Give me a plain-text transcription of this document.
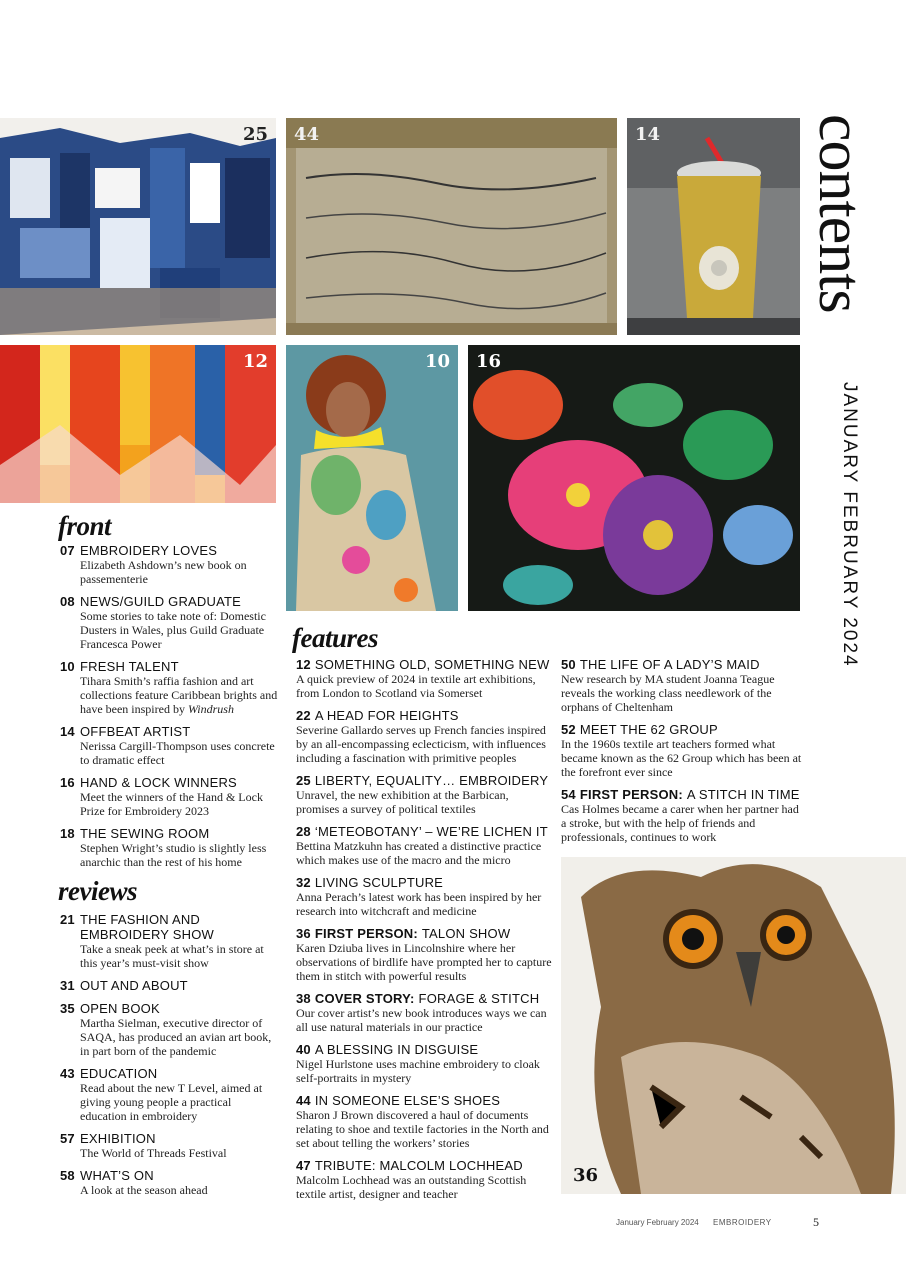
25 44	14
12	10 16
36
contents
JANUARY FEBRUARY 2024
front
07 EMBROIDERY LOVES
Elizabeth Ashdown’s new book on passementerie
08 NEWS/GUILD GRADUATE
Some stories to take note of: Domestic Dusters in Wales, plus Guild Graduate Francesca Power
10 FRESH TALENT
Tihara Smith’s raffia fashion and art collections feature Caribbean brights and have been inspired by Windrush
14 OFFBEAT ARTIST
Nerissa Cargill-Thompson uses concrete to dramatic effect
16 HAND & LOCK WINNERS
Meet the winners of the Hand & Lock Prize for Embroidery 2023
18 THE SEWING ROOM
Stephen Wright’s studio is slightly less anarchic than the rest of his home
reviews
21 THE FASHION AND
EMBROIDERY SHOW
Take a sneak peek at what’s in store at this year’s must-visit show
31 OUT AND ABOUT
35 OPEN BOOK
Martha Sielman, executive director of SAQA, has produced an avian art book, in part born of the pandemic
43 EDUCATION
Read about the new T Level, aimed at giving young people a practical education in embroidery
57 EXHIBITION
The World of Threads Festival
58 WHAT’S ON
A look at the season ahead
features
12 SOMETHING OLD, SOMETHING NEW
A quick preview of 2024 in textile art exhibitions, from London to Scotland via Somerset
22 A HEAD FOR HEIGHTS
Severine Gallardo serves up French fancies inspired by an all-encompassing eclecticism, with influences including a fascination with primitive peoples
25 LIBERTY, EQUALITY… EMBROIDERY
Unravel, the new exhibition at the Barbican, promises a survey of political textiles
28 ‘METEOBOTANY’ – WE’RE LICHEN IT
Bettina Matzkuhn has created a distinctive practice which makes use of the macro and the micro
32 LIVING SCULPTURE
Anna Perach’s latest work has been inspired by her research into witchcraft and medicine
36 FIRST PERSON: TALON SHOW
Karen Dziuba lives in Lincolnshire where her observations of birdlife have prompted her to capture them in stitch with powerful results
38 COVER STORY: FORAGE & STITCH
Our cover artist’s new book introduces ways we can all use natural materials in our practice
40 A BLESSING IN DISGUISE
Nigel Hurlstone uses machine embroidery to cloak self-portraits in mystery
44 IN SOMEONE ELSE’S SHOES
Sharon J Brown discovered a haul of documents relating to shoe and textile factories in the North and set about telling the workers’ stories
47 TRIBUTE: MALCOLM LOCHHEAD
Malcolm Lochhead was an outstanding Scottish textile artist, designer and teacher
50 THE LIFE OF A LADY’S MAID
New research by MA student Joanna Teague reveals the working class needlework of the orphans of Cheltenham
52 MEET THE 62 GROUP
In the 1960s textile art teachers formed what became known as the 62 Group which has been at the forefront ever since
54 FIRST PERSON: A STITCH IN TIME
Cas Holmes became a carer when her partner had a stroke, but with the help of friends and professionals, continues to work
January February 2024 EMBROIDERY	5
